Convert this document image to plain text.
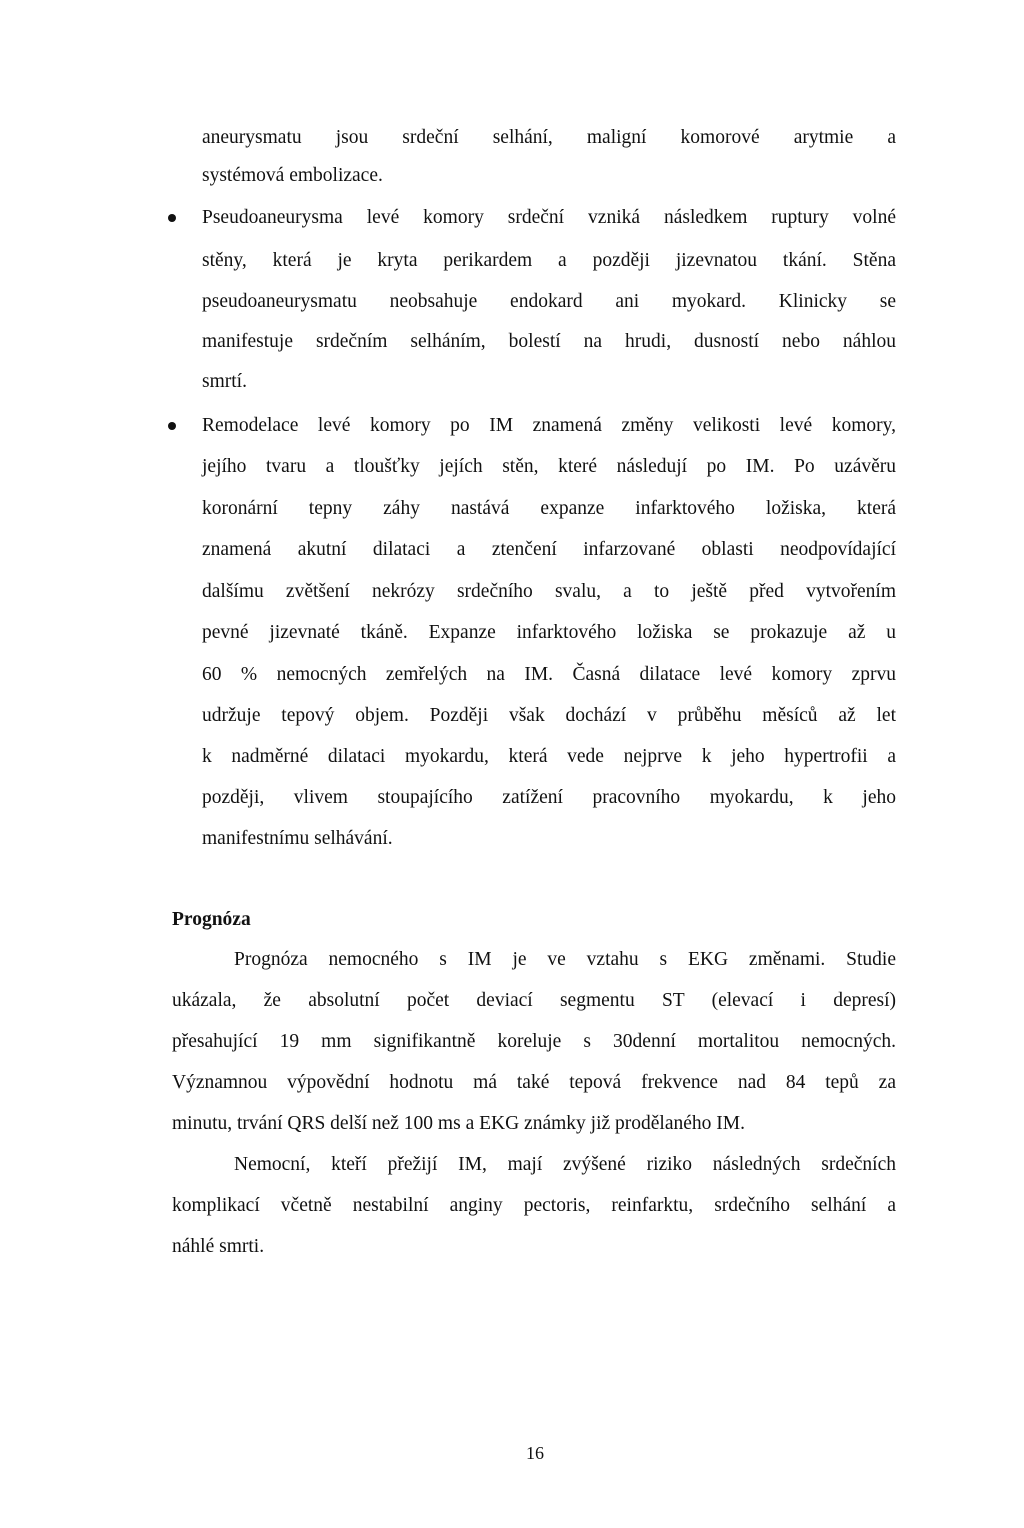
aneurysmatu jsou srdeční selhání, maligní komorové arytmie a
systémová embolizace.
Pseudoaneurysma levé komory srdeční vzniká následkem ruptury volné
stěny, která je kryta perikardem a později jizevnatou tkání. Stěna
pseudoaneurysmatu neobsahuje endokard ani myokard. Klinicky se
manifestuje srdečním selháním, bolestí na hrudi, dusností nebo náhlou
smrtí.
Remodelace levé komory po IM znamená změny velikosti levé komory,
jejího tvaru a tloušťky jejích stěn, které následují po IM. Po uzávěru
koronární tepny záhy nastává expanze infarktového ložiska, která
znamená akutní dilataci a ztenčení infarzované oblasti neodpovídající
dalšímu zvětšení nekrózy srdečního svalu, a to ještě před vytvořením
pevné jizevnaté tkáně. Expanze infarktového ložiska se prokazuje až u
60 % nemocných zemřelých na IM. Časná dilatace levé komory zprvu
udržuje tepový objem. Později však dochází v průběhu měsíců až let
k nadměrné dilataci myokardu, která vede nejprve k jeho hypertrofii a
později, vlivem stoupajícího zatížení pracovního myokardu, k jeho
manifestnímu selhávání.
Prognóza
Prognóza nemocného s IM je ve vztahu s EKG změnami. Studie
ukázala, že absolutní počet deviací segmentu ST (elevací i depresí)
přesahující 19 mm signifikantně koreluje s 30denní mortalitou nemocných.
Významnou výpovědní hodnotu má také tepová frekvence nad 84 tepů za
minutu, trvání QRS delší než 100 ms a EKG známky již prodělaného IM.
Nemocní, kteří přežijí IM, mají zvýšené riziko následných srdečních
komplikací včetně nestabilní anginy pectoris, reinfarktu, srdečního selhání a
náhlé smrti.
16
